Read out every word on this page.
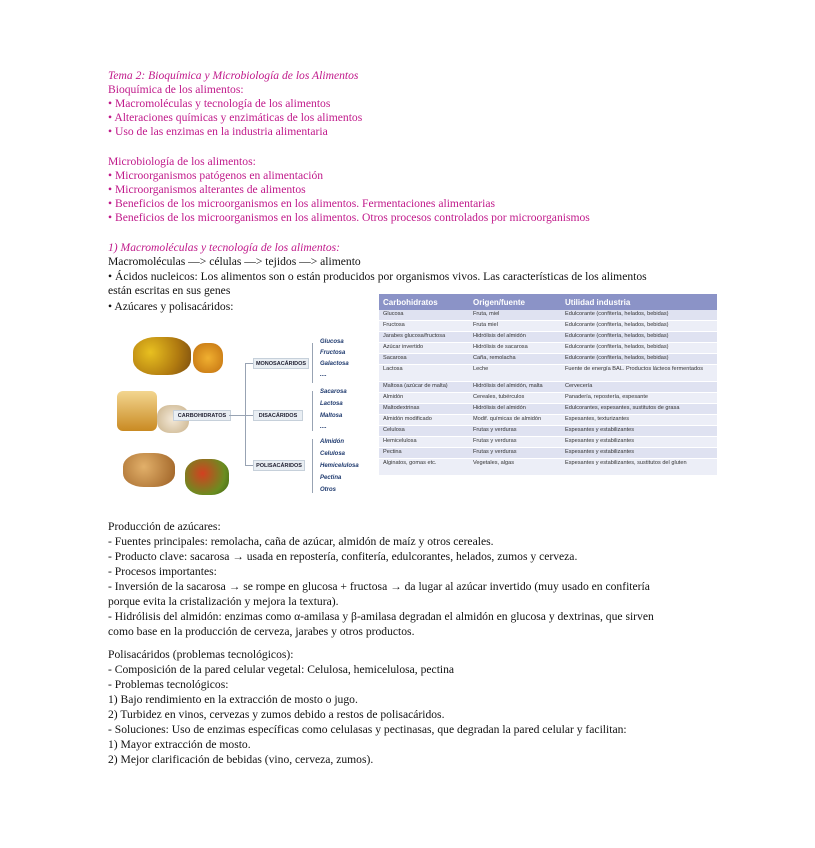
Tema 2: Bioquímica y Microbiología de los Alimentos
Bioquímica de los alimentos:
• Macromoléculas y tecnología de los alimentos
• Alteraciones químicas y enzimáticas de los alimentos
• Uso de las enzimas en la industria alimentaria
Microbiología de los alimentos:
• Microorganismos patógenos en alimentación
• Microorganismos alterantes de alimentos
• Beneficios de los microorganismos en los alimentos. Fermentaciones alimentarias
• Beneficios de los microorganismos en los alimentos. Otros procesos controlados por microorganismos
1) Macromoléculas y tecnología de los alimentos:
Macromoléculas —> células —> tejidos —> alimento
• Ácidos nucleicos: Los alimentos son o están producidos por organismos vivos. Las características de los alimentos
están escritas en sus genes
• Azúcares y polisacáridos:
CARBOHIDRATOS
MONOSACÁRIDOS
DISACÁRIDOS
POLISACÁRIDOS
Glucosa
Fructosa
Galactosa
....
Sacarosa
Lactosa
Maltosa
....
Almidón
Celulosa
Hemicelulosa
Pectina
Otros
Carbohidratos	Origen/fuente	Utilidad industria
Glucosa	Fruta, miel	Edulcorante (confitería, helados, bebidas)
Fructosa	Fruta miel	Edulcorante (confitería, helados, bebidas)
Jarabes glucosa/fructosa	Hidrólisis del almidón	Edulcorante (confitería, helados, bebidas)
Azúcar invertido	Hidrólisis de sacarosa	Edulcorante (confitería, helados, bebidas)
Sacarosa	Caña, remolacha	Edulcorante (confitería, helados, bebidas)
Lactosa	Leche	Fuente de energía BAL. Productos lácteos fermentados
Maltosa (azúcar de malta)	Hidrólisis del almidón, malta	Cervecería
Almidón	Cereales, tubérculos	Panadería, repostería, espesante
Maltodextrinas	Hidrólisis del almidón	Edulcorantes, espesantes, sustitutos de grasa
Almidón modificado	Modif. químicas de almidón	Espesantes, texturizantes
Celulosa	Frutas y verduras	Espesantes y estabilizantes
Hemicelulosa	Frutas y verduras	Espesantes y estabilizantes
Pectina	Frutas y verduras	Espesantes y estabilizantes
Alginatos, gomas etc.	Vegetales, algas	Espesantes y estabilizantes, sustitutos del gluten
Producción de azúcares:
- Fuentes principales: remolacha, caña de azúcar, almidón de maíz y otros cereales.
- Producto clave: sacarosa → usada en repostería, confitería, edulcorantes, helados, zumos y cerveza.
- Procesos importantes:
- Inversión de la sacarosa → se rompe en glucosa + fructosa → da lugar al azúcar invertido (muy usado en confitería
porque evita la cristalización y mejora la textura).
- Hidrólisis del almidón: enzimas como α-amilasa y β-amilasa degradan el almidón en glucosa y dextrinas, que sirven
como base en la producción de cerveza, jarabes y otros productos.
Polisacáridos (problemas tecnológicos):
- Composición de la pared celular vegetal: Celulosa, hemicelulosa, pectina
- Problemas tecnológicos:
1) Bajo rendimiento en la extracción de mosto o jugo.
2) Turbidez en vinos, cervezas y zumos debido a restos de polisacáridos.
- Soluciones: Uso de enzimas específicas como celulasas y pectinasas, que degradan la pared celular y facilitan:
1) Mayor extracción de mosto.
2) Mejor clarificación de bebidas (vino, cerveza, zumos).
